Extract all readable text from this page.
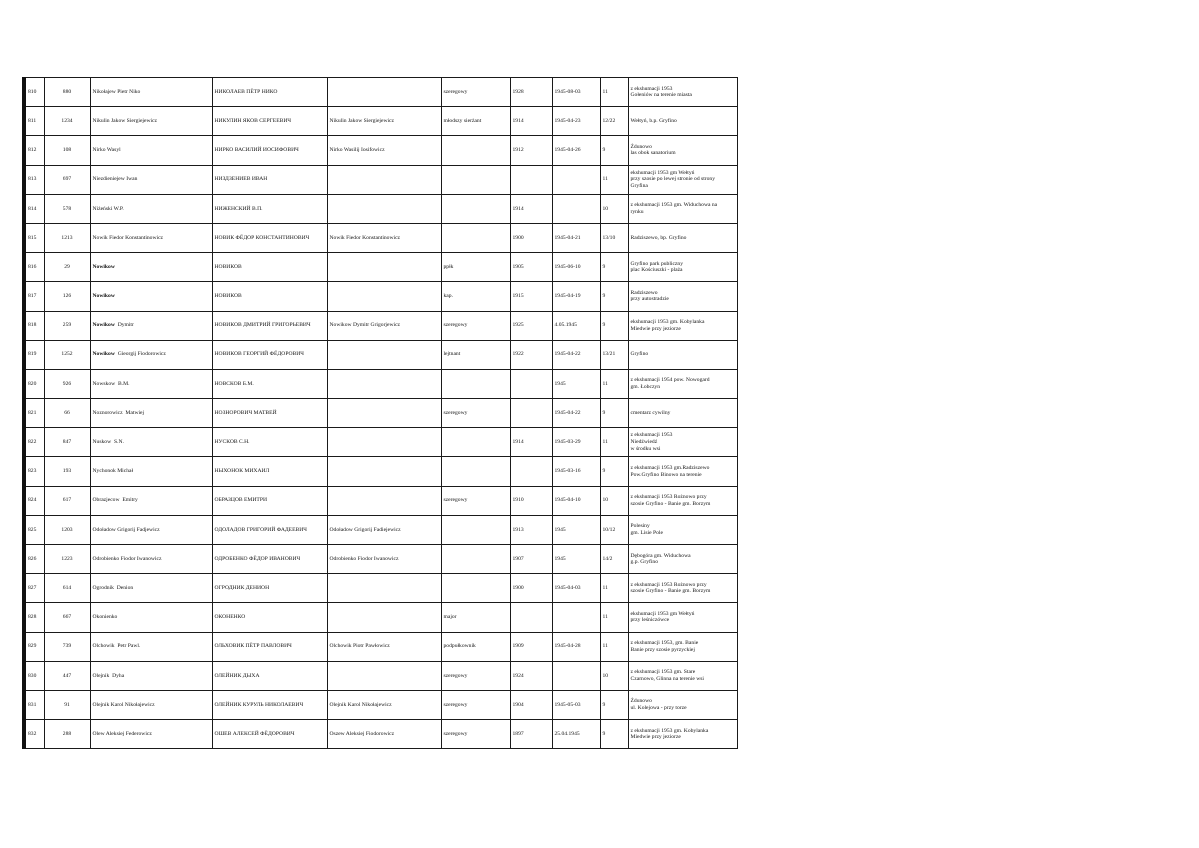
810	880	Nikołajew Pietr Niko	НИКОЛАЕВ ПЁТР НИКО		szeregowy	1928	1945-08-03	11	z ekshumacji 1953
Gołeniów na terenie miasta
811	1234	Nikulin Jakow Siergiejewicz	НИКУЛИН ЯКОВ СЕРГЕЕВИЧ	Nikulin Jakow Siergiejewicz	młodszy sierżant	1914	1945-04-23	12/22	Wełtyń, b.p. Gryfino
812	108	Nirko Wasyl	НИРКО ВАСИЛИЙ ИОСИФОВИЧ	Nirko Wasilij Iosifowicz		1912	1945-04-26	9	Żdunowo
las obok sanatorium
813	697	Niezdieniejew Iwan	НИЗДЗЕНИЕВ ИВАН					11	ekshumacji 1953 gm Wełtyń
przy szosie po lewej stronie od strony
Gryfina
814	578	Niżeński W.P.	НИЖЕНСКИЙ В.П.			1914		10	z ekshumacji 1953 gm. Widuchowa na
rynku
815	1213	Nowik Fiedor Konstantinowicz	НОВИК ФЁДОР КОНСТАНТИНОВИЧ	Nowik Fiedor Konstantinowicz		1900	1945-04-21	13/10	Radziszewo, bp. Gryfino
816	29	Nowikow	НОВИКОВ		ppłk	1905	1945-06-10	9	Gryfino park publiczny
plac Kościuszki - plaża
817	126	Nowikow	НОВИКОВ		kap.	1915	1945-04-19	9	Radziszewo
przy autostradzie
818	259	Nowikow  Dymitr	НОВИКОВ ДМИТРИЙ ГРИГОРЬЕВИЧ	Nowikow Dymitr Grigorjewicz	szeregowy	1925	4.05.1945	9	ekshumacji 1953 gm. Kobylanka
Miedwie przy jeziorze
819	1252	Nowikow  Gieorgij Fiodorowicz	НОВИКОВ ГЕОРГИЙ ФЁДОРОВИЧ		lejtnant	1922	1945-04-22	13/21	Gryfino
820	926	Nowskow  B.M.	НОВСКОВ Б.М.				1945	11	z ekshumacji 1954 pow. Nowogard
gm. Łobczyn
821	66	Noznorowicz  Matwiej	НОЗНОРОВИЧ МАТВЕЙ		szeregowy		1945-04-22	9	cmentarz cywilny
822	847	Nuskow  S.N.	НУСКОВ С.Н.			1914	1945-03-29	11	z ekshumacji 1953
Niedźwiedź
w środku wsi
823	193	Nychonok Michał	НЫХОНОК МИХАИЛ				1945-03-16	9	z ekshumacji 1953 gm.Radziszewo
Pow.Gryfino Binowo na terenie
824	617	Obrazjecow  Emitry	ОБРАЗЦОВ ЕМИТРИ		szeregowy	1910	1945-04-10	10	z ekshumacji 1953 Rożnowo przy
szosie Gryfino - Banie gm. Borzym
825	1203	Odoładow Grigorij Fadjewicz	ОДОЛАДОВ ГРИГОРИЙ ФАДЕЕВИЧ	Odoładow Grigorij Fadiejewicz		1913	1945	10/12	Polesiny
gm. Lisie Pole
826	1223	Odrobienko Fiodor Iwanowicz	ОДРОБЕНКО ФЁДОР ИВАНОВИЧ	Odrobienko Fiodor Iwanowicz		1907	1945	14/2	Dębogóra gm. Widuchowa
g.p. Gryfino
827	614	Ogrodnik  Denion	ОГРОДНИК ДЕНИОН			1900	1945-04-03	11	z ekshumacji 1953 Rożnowo przy
szosie Gryfino - Banie gm. Borzym
828	667	Okonienko	ОКОНЕНКО		major			11	ekshumacji 1953 gm Wełtyń
przy leśniczówce
829	739	Olchowik  Petr Pawl.	ОЛЬХОВИК ПЁТР ПАВЛОВИЧ	Olchowik Piotr Pawłowicz	podpułkownik	1909	1945-04-28	11	z ekshumacji 1953, gm. Banie
Banie przy szosie pyrzyckiej
830	447	Olejnik  Dyha	ОЛЕЙНИК ДЫХА		szeregowy	1924		10	z ekshumacji 1953 gm. Stare
Czarnowo, Glinna na terenie wsi
831	91	Olejnik Karol Nikołajewicz	ОЛЕЙНИК КУРУЛЬ НИКОЛАЕВИЧ	Olejnik Karol Nikołajewicz	szeregowy	1904	1945-05-03	9	Żdunowo
ul. Kolejowa - przy torze
832	288	Olew Aleksiej Federowicz	ОШЕВ АЛЕКСЕЙ ФЁДОРОВИЧ	Oszew Aleksiej Fiodorowicz	szeregowy	1897	25.04.1945	9	z ekshumacji 1953 gm. Kobylanka
Miedwie przy jeziorze
